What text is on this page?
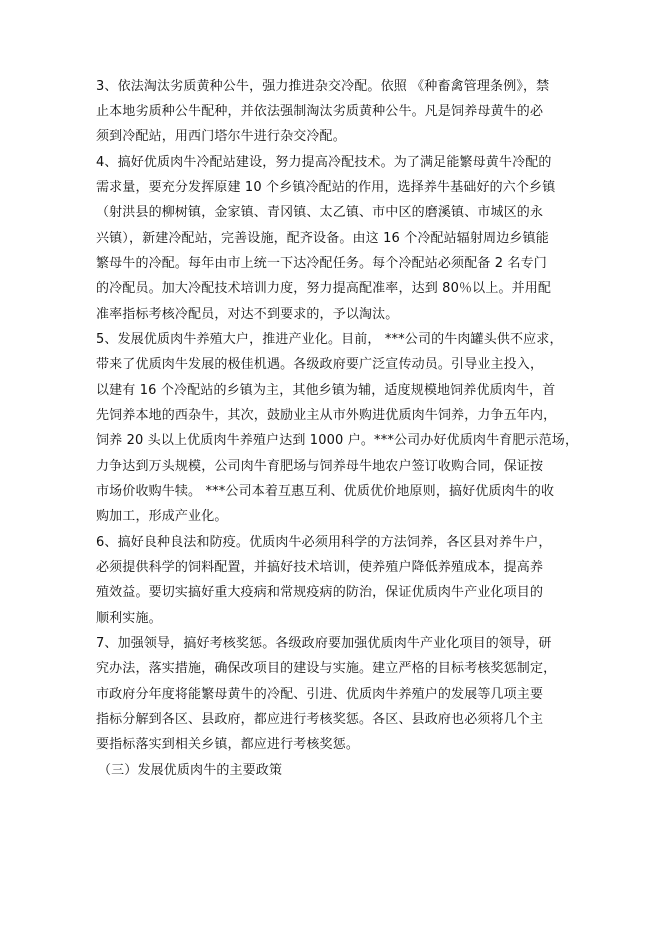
3、依法淘汰劣质黄种公牛，强力推进杂交冷配。依照 《种畜禽管理条例》，禁
止本地劣质种公牛配种，并依法强制淘汰劣质黄种公牛。凡是饲养母黄牛的必
须到冷配站，用西门塔尔牛进行杂交冷配。
4、搞好优质肉牛冷配站建设，努力提高冷配技术。为了满足能繁母黄牛冷配的
需求量，要充分发挥原建 10 个乡镇冷配站的作用，选择养牛基础好的六个乡镇
（射洪县的柳树镇，金家镇、青冈镇、太乙镇、市中区的磨溪镇、市城区的永
兴镇），新建冷配站，完善设施，配齐设备。由这 16 个冷配站辐射周边乡镇能
繁母牛的冷配。每年由市上统一下达冷配任务。每个冷配站必须配备 2 名专门
的冷配员。加大冷配技术培训力度，努力提高配准率，达到 80％以上。并用配
准率指标考核冷配员，对达不到要求的，予以淘汰。
5、发展优质肉牛养殖大户，推进产业化。目前， ***公司的牛肉罐头供不应求，
带来了优质肉牛发展的极佳机遇。各级政府要广泛宣传动员。引导业主投入，
以建有 16 个冷配站的乡镇为主，其他乡镇为辅，适度规模地饲养优质肉牛，首
先饲养本地的西杂牛，其次，鼓励业主从市外购进优质肉牛饲养，力争五年内，
饲养 20 头以上优质肉牛养殖户达到 1000 户。***公司办好优质肉牛育肥示范场，
力争达到万头规模，公司肉牛育肥场与饲养母牛地农户签订收购合同，保证按
市场价收购牛犊。 ***公司本着互惠互利、优质优价地原则，搞好优质肉牛的收
购加工，形成产业化。
6、搞好良种良法和防疫。优质肉牛必须用科学的方法饲养，各区县对养牛户，
必须提供科学的饲料配置，并搞好技术培训，使养殖户降低养殖成本，提高养
殖效益。要切实搞好重大疫病和常规疫病的防治，保证优质肉牛产业化项目的
顺利实施。
7、加强领导，搞好考核奖惩。各级政府要加强优质肉牛产业化项目的领导，研
究办法，落实措施，确保改项目的建设与实施。建立严格的目标考核奖惩制定，
市政府分年度将能繁母黄牛的冷配、引进、优质肉牛养殖户的发展等几项主要
指标分解到各区、县政府，都应进行考核奖惩。各区、县政府也必须将几个主
要指标落实到相关乡镇，都应进行考核奖惩。
（三）发展优质肉牛的主要政策
